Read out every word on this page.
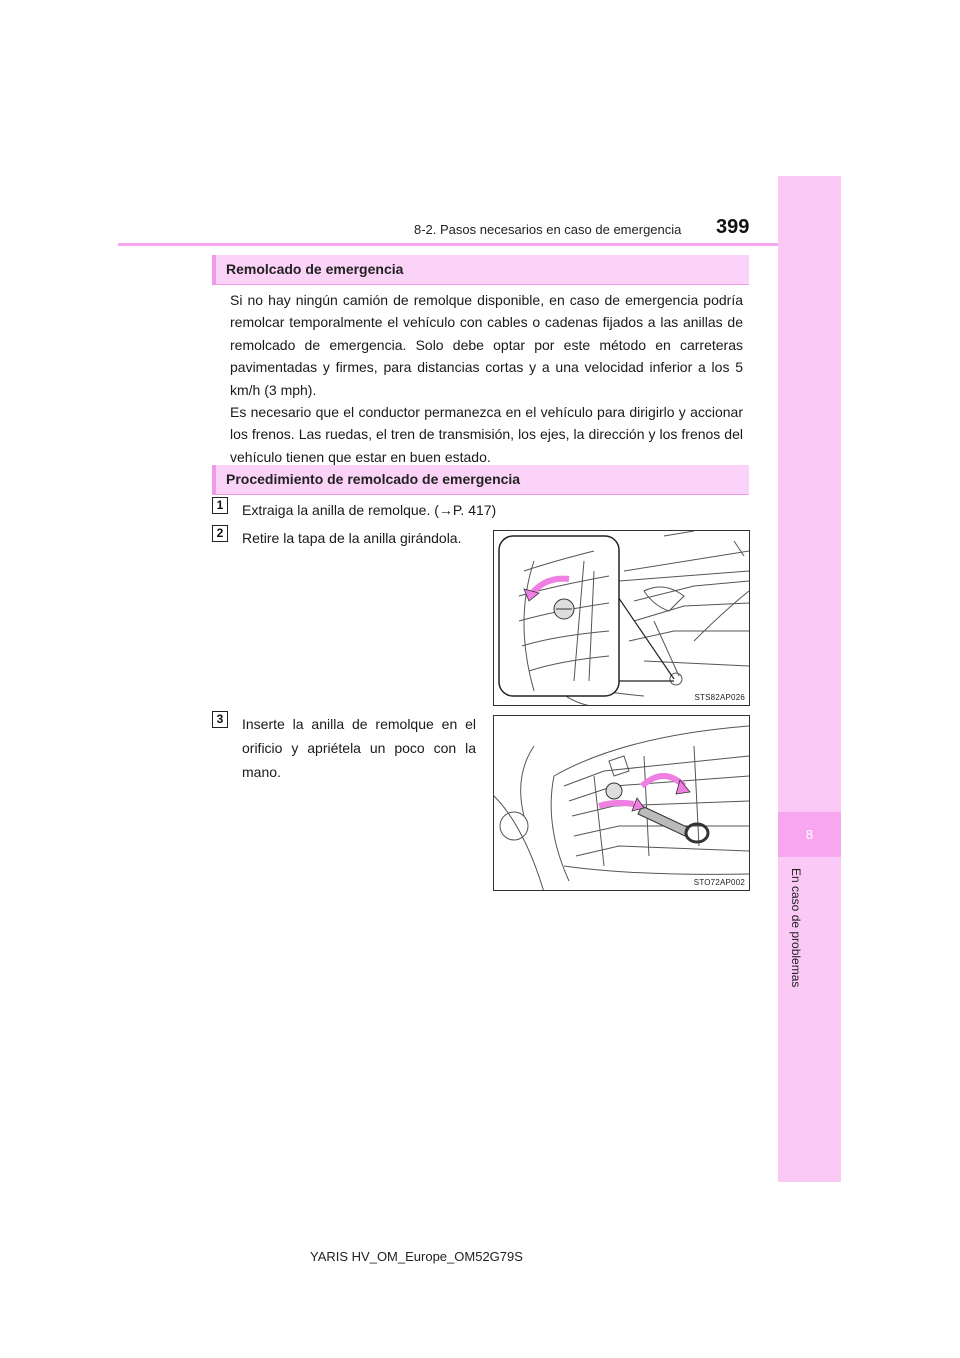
8
En caso de problemas
8-2. Pasos necesarios en caso de emergencia 399
Remolcado de emergencia

Si no hay ningún camión de remolque disponible, en caso de emergencia podría remolcar temporalmente el vehículo con cables o cadenas fijados a las anillas de remolcado de emergencia. Solo debe optar por este método en carreteras pavimentadas y firmes, para distancias cortas y a una velocidad inferior a los 5 km/h (3 mph).

Es necesario que el conductor permanezca en el vehículo para dirigirlo y accionar los frenos. Las ruedas, el tren de transmisión, los ejes, la dirección y los frenos del vehículo tienen que estar en buen estado.

Procedimiento de remolcado de emergencia
1	Extraiga la anilla de remolque. (→P. 417)
2	Retire la tapa de la anilla girándola.
STS82AP026
3	Inserte la anilla de remolque en el orificio y apriétela un poco con la mano.
STO72AP002
YARIS HV_OM_Europe_OM52G79S
